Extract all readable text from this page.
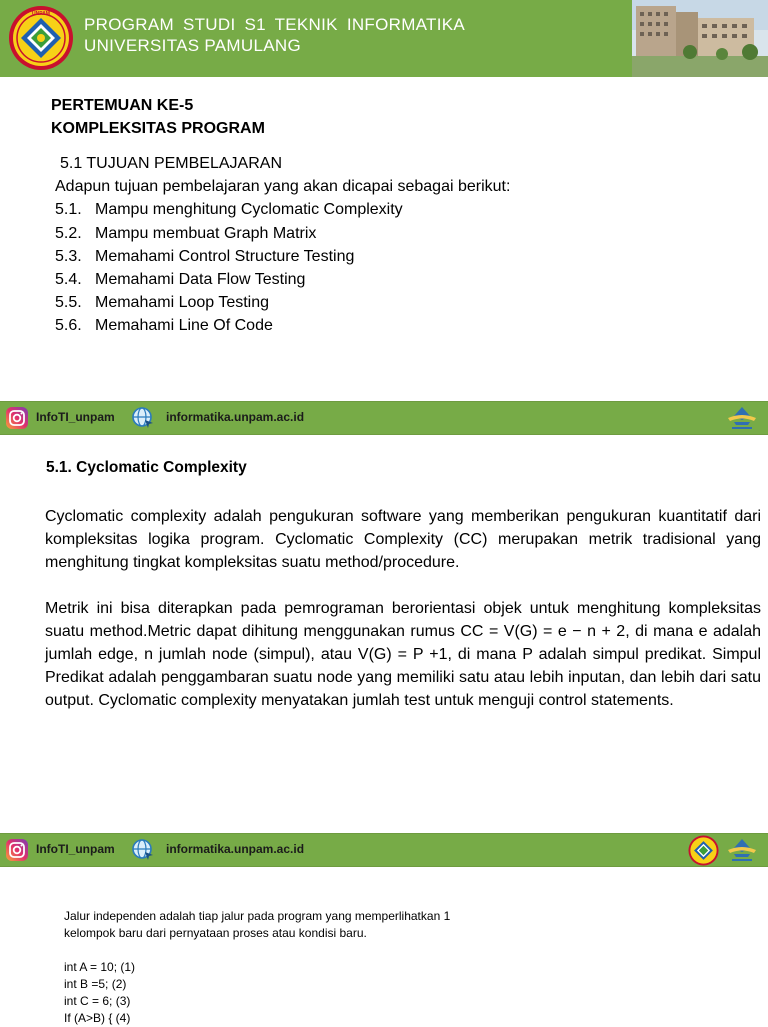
UNPAM
PROGRAM STUDI S1 TEKNIK INFORMATIKA
UNIVERSITAS PAMULANG
PERTEMUAN KE-5
KOMPLEKSITAS PROGRAM
5.1 TUJUAN PEMBELAJARAN
Adapun tujuan pembelajaran yang akan dicapai sebagai berikut:
5.1. Mampu menghitung Cyclomatic Complexity
5.2. Mampu membuat Graph Matrix
5.3. Memahami Control Structure Testing
5.4. Memahami Data Flow Testing
5.5. Memahami Loop Testing
5.6. Memahami Line Of Code
InfoTI_unpam	informatika.unpam.ac.id
5.1. Cyclomatic Complexity
Cyclomatic complexity adalah pengukuran software yang memberikan pengukuran kuantitatif dari kompleksitas logika program. Cyclomatic Complexity (CC) merupakan metrik tradisional yang menghitung tingkat kompleksitas suatu method/procedure.
Metrik ini bisa diterapkan pada pemrograman berorientasi objek untuk menghitung kompleksitas suatu method.Metric dapat dihitung menggunakan rumus CC = V(G) = e − n + 2, di mana e adalah jumlah edge, n jumlah node (simpul), atau V(G) = P +1, di mana P adalah simpul predikat. Simpul Predikat adalah penggambaran suatu node yang memiliki satu atau lebih inputan, dan lebih dari satu output. Cyclomatic complexity menyatakan jumlah test untuk menguji control statements.
InfoTI_unpam	informatika.unpam.ac.id
Jalur independen adalah tiap jalur pada program yang memperlihatkan 1
kelompok baru dari pernyataan proses atau kondisi baru.
int A = 10; (1)
int B =5; (2)
int C = 6; (3)
If (A>B) { (4)
